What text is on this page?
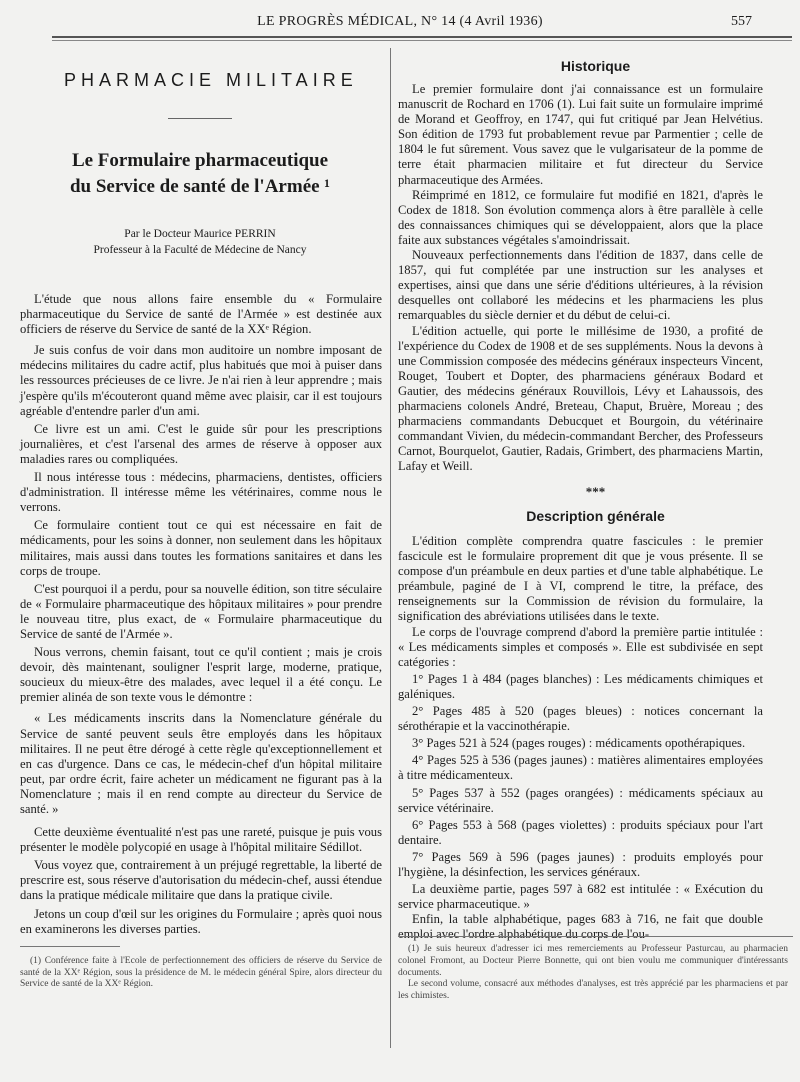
LE PROGRÈS MÉDICAL, N° 14 (4 Avril 1936)	557
PHARMACIE MILITAIRE
Le Formulaire pharmaceutique
du Service de santé de l'Armée ¹
Par le Docteur Maurice PERRIN
Professeur à la Faculté de Médecine de Nancy

L'étude que nous allons faire ensemble du « Formulaire pharmaceutique du Service de santé de l'Armée » est destinée aux officiers de réserve du Service de santé de la XXᵉ Région.

Je suis confus de voir dans mon auditoire un nombre imposant de médecins militaires du cadre actif, plus habitués que moi à puiser dans les ressources précieuses de ce livre. Je n'ai rien à leur apprendre ; mais j'espère qu'ils m'écouteront quand même avec plaisir, car il est toujours agréable d'entendre parler d'un ami.

Ce livre est un ami. C'est le guide sûr pour les prescriptions journalières, et c'est l'arsenal des armes de réserve à opposer aux maladies rares ou compliquées.

Il nous intéresse tous : médecins, pharmaciens, dentistes, officiers d'administration. Il intéresse même les vétérinaires, comme nous le verrons.

Ce formulaire contient tout ce qui est nécessaire en fait de médicaments, pour les soins à donner, non seulement dans les hôpitaux militaires, mais aussi dans toutes les formations sanitaires et dans les corps de troupe.

C'est pourquoi il a perdu, pour sa nouvelle édition, son titre séculaire de « Formulaire pharmaceutique des hôpitaux militaires » pour prendre le nouveau titre, plus exact, de « Formulaire pharmaceutique du Service de santé de l'Armée ».

Nous verrons, chemin faisant, tout ce qu'il contient ; mais je crois devoir, dès maintenant, souligner l'esprit large, moderne, pratique, soucieux du mieux-être des malades, avec lequel il a été conçu. Le premier alinéa de son texte vous le démontre :

« Les médicaments inscrits dans la Nomenclature générale du Service de santé peuvent seuls être employés dans les hôpitaux militaires. Il ne peut être dérogé à cette règle qu'exceptionnellement et en cas d'urgence. Dans ce cas, le médecin-chef d'un hôpital militaire peut, par ordre écrit, faire acheter un médicament ne figurant pas à la Nomenclature ; mais il en rend compte au directeur du Service de santé. »

Cette deuxième éventualité n'est pas une rareté, puisque je puis vous présenter le modèle polycopié en usage à l'hôpital militaire Sédillot.

Vous voyez que, contrairement à un préjugé regrettable, la liberté de prescrire est, sous réserve d'autorisation du médecin-chef, aussi étendue dans la pratique médicale militaire que dans la pratique civile.

Jetons un coup d'œil sur les origines du Formulaire ; après quoi nous en examinerons les diverses parties.

(1) Conférence faite à l'Ecole de perfectionnement des officiers de réserve du Service de santé de la XXᵉ Région, sous la présidence de M. le médecin général Spire, alors directeur du Service de santé de la XXᵉ Région.

Historique

Le premier formulaire dont j'ai connaissance est un formulaire manuscrit de Rochard en 1706 (1). Lui fait suite un formulaire imprimé de Morand et Geoffroy, en 1747, qui fut critiqué par Jean Helvétius. Son édition de 1793 fut probablement revue par Parmentier ; celle de 1804 le fut sûrement. Vous savez que le vulgarisateur de la pomme de terre était pharmacien militaire et fut directeur du Service pharmaceutique des Armées.

Réimprimé en 1812, ce formulaire fut modifié en 1821, d'après le Codex de 1818. Son évolution commença alors à être parallèle à celle des connaissances chimiques qui se développaient, alors que la place faite aux substances végétales s'amoindrissait.

Nouveaux perfectionnements dans l'édition de 1837, dans celle de 1857, qui fut complétée par une instruction sur les analyses et expertises, ainsi que dans une série d'éditions ultérieures, à la révision desquelles ont collaboré les médecins et les pharmaciens les plus remarquables du siècle dernier et du début de celui-ci.

L'édition actuelle, qui porte le millésime de 1930, a profité de l'expérience du Codex de 1908 et de ses suppléments. Nous la devons à une Commission composée des médecins généraux inspecteurs Vincent, Rouget, Toubert et Dopter, des pharmaciens généraux Bodard et Gautier, des médecins généraux Rouvillois, Lévy et Lahaussois, des pharmaciens colonels André, Breteau, Chaput, Bruère, Moreau ; des pharmaciens commandants Debucquet et Bourgoin, du vétérinaire commandant Vivien, du médecin-commandant Bercher, des Professeurs Carnot, Bourquelot, Gautier, Radais, Grimbert, des pharmaciens Martin, Lafay et Weill.

***
Description générale

L'édition complète comprendra quatre fascicules : le premier fascicule est le formulaire proprement dit que je vous présente. Il se compose d'un préambule en deux parties et d'une table alphabétique. Le préambule, paginé de I à VI, comprend le titre, la préface, des renseignements sur la Commission de révision du formulaire, la signification des abréviations utilisées dans le texte.

Le corps de l'ouvrage comprend d'abord la première partie intitulée : « Les médicaments simples et composés ». Elle est subdivisée en sept catégories :

1° Pages 1 à 484 (pages blanches) : Les médicaments chimiques et galéniques.

2° Pages 485 à 520 (pages bleues) : notices concernant la sérothérapie et la vaccinothérapie.

3° Pages 521 à 524 (pages rouges) : médicaments opothérapiques.

4° Pages 525 à 536 (pages jaunes) : matières alimentaires employées à titre médicamenteux.

5° Pages 537 à 552 (pages orangées) : médicaments spéciaux au service vétérinaire.

6° Pages 553 à 568 (pages violettes) : produits spéciaux pour l'art dentaire.

7° Pages 569 à 596 (pages jaunes) : produits employés pour l'hygiène, la désinfection, les services généraux.

La deuxième partie, pages 597 à 682 est intitulée : « Exécution du service pharmaceutique. »

Enfin, la table alphabétique, pages 683 à 716, ne fait que double emploi avec l'ordre alphabétique du corps de l'ou-

(1) Je suis heureux d'adresser ici mes remerciements au Professeur Pasturcau, au pharmacien colonel Fromont, au Docteur Pierre Bonnette, qui ont bien voulu me communiquer d'intéressants documents.

Le second volume, consacré aux méthodes d'analyses, est très apprécié par les pharmaciens et par les chimistes.
